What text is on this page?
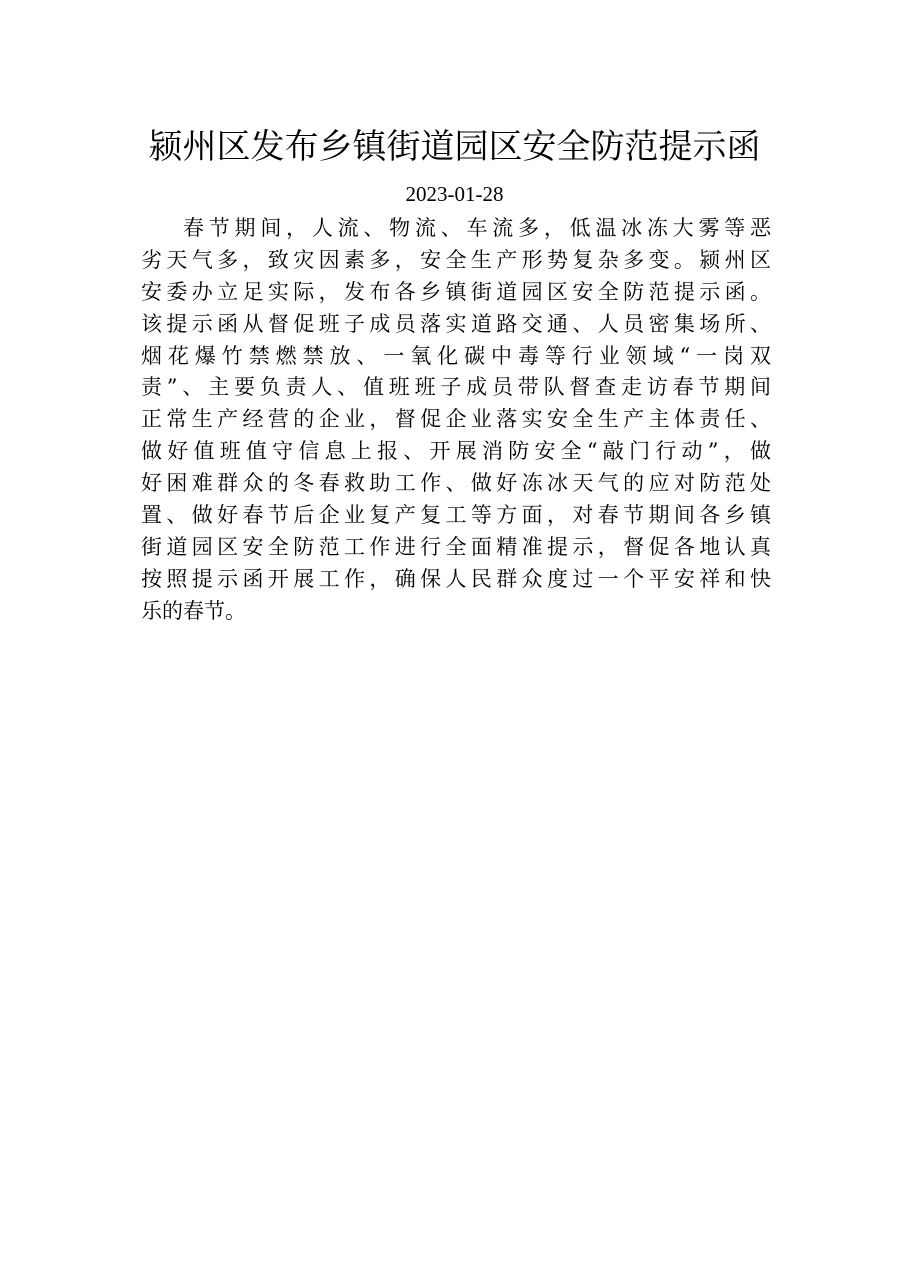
颍州区发布乡镇街道园区安全防范提示函
2023-01-28
春节期间，人流、物流、车流多，低温冰冻大雾等恶
劣天气多，致灾因素多，安全生产形势复杂多变。颍州区
安委办立足实际，发布各乡镇街道园区安全防范提示函。
该提示函从督促班子成员落实道路交通、人员密集场所、
烟花爆竹禁燃禁放、一氧化碳中毒等行业领域“一岗双
责”、主要负责人、值班班子成员带队督查走访春节期间
正常生产经营的企业，督促企业落实安全生产主体责任、
做好值班值守信息上报、开展消防安全“敲门行动”，做
好困难群众的冬春救助工作、做好冻冰天气的应对防范处
置、做好春节后企业复产复工等方面，对春节期间各乡镇
街道园区安全防范工作进行全面精准提示，督促各地认真
按照提示函开展工作，确保人民群众度过一个平安祥和快
乐的春节。
